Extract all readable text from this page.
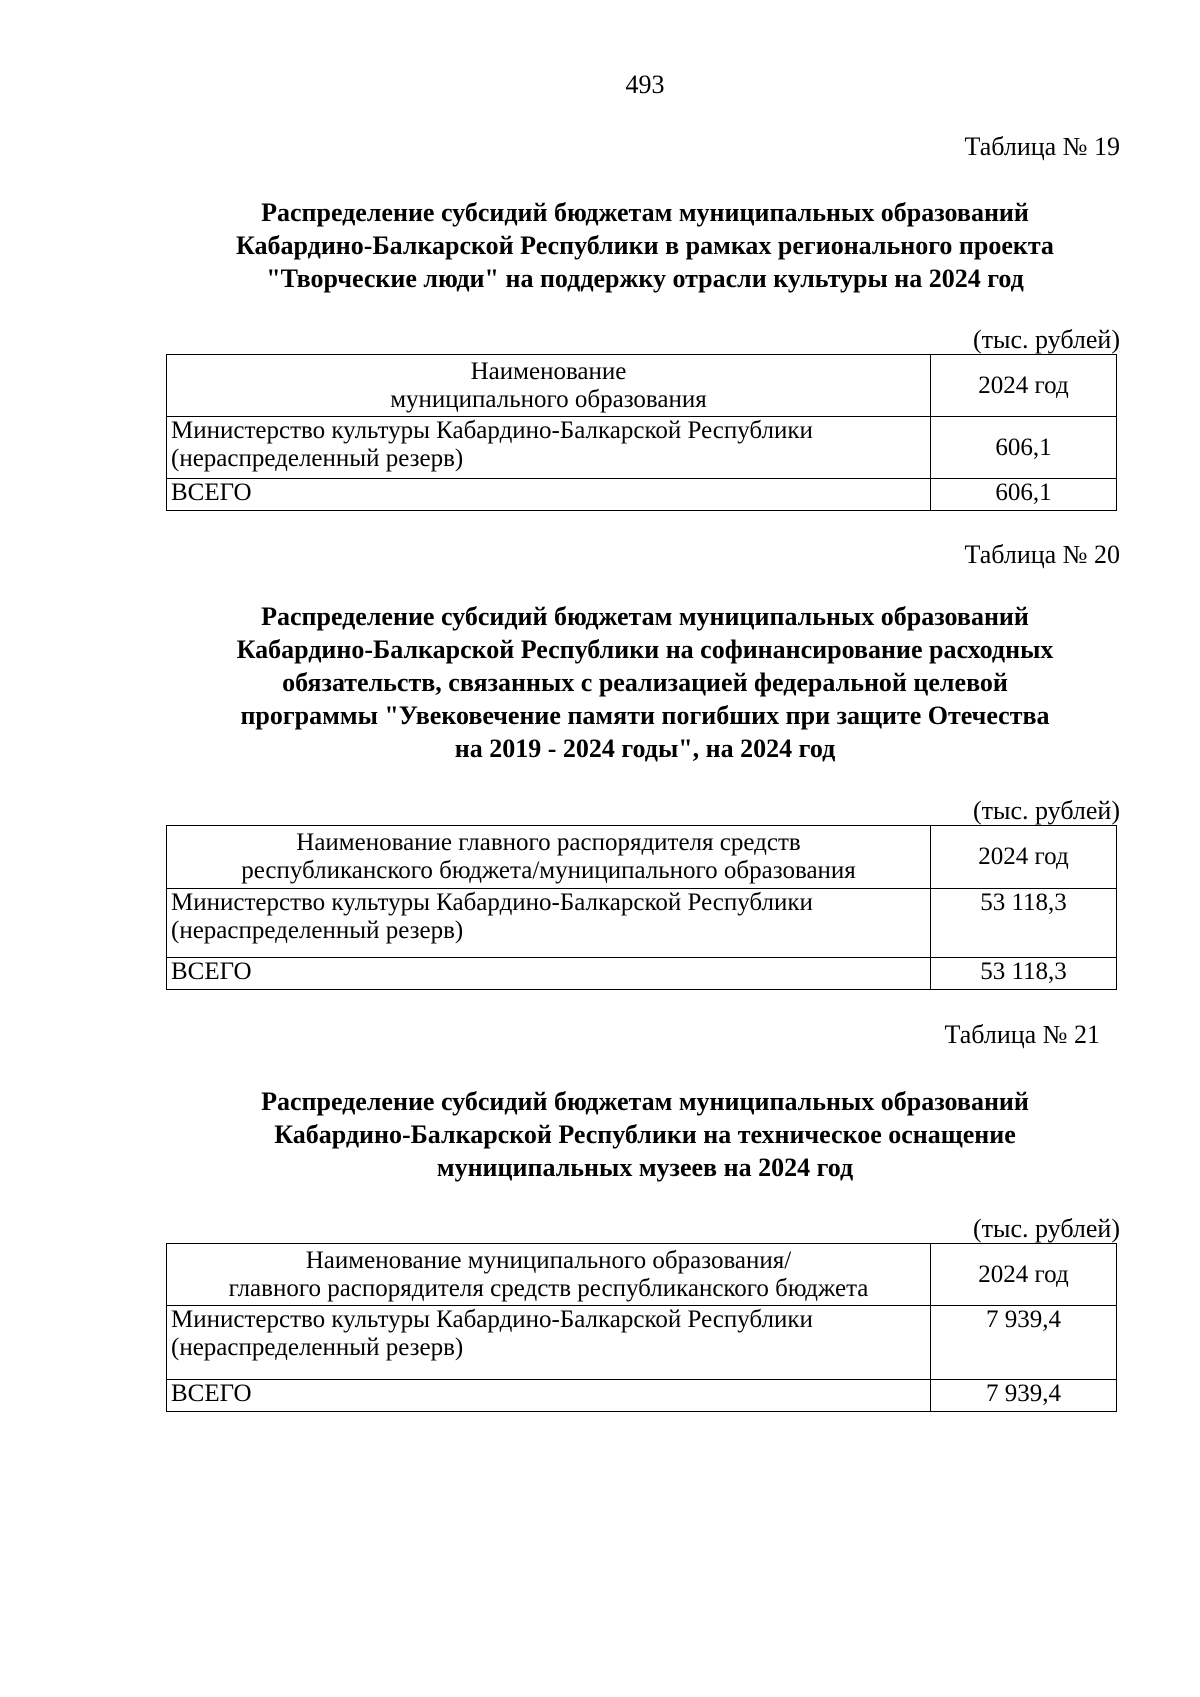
493
Таблица № 19
Распределение субсидий бюджетам муниципальных образований
Кабардино-Балкарской Республики в рамках регионального проекта
"Творческие люди" на поддержку отрасли культуры на 2024 год
(тыс. рублей)
Наименование
муниципального образования	2024 год

Министерство культуры Кабардино-Балкарской Республики
(нераспределенный резерв)	606,1
ВСЕГО	606,1
Таблица № 20
Распределение субсидий бюджетам муниципальных образований
Кабардино-Балкарской Республики на софинансирование расходных
обязательств, связанных с реализацией федеральной целевой
программы "Увековечение памяти погибших при защите Отечества
на 2019 - 2024 годы", на 2024 год
(тыс. рублей)
Наименование главного распорядителя средств
республиканского бюджета/муниципального образования	2024 год

Министерство культуры Кабардино-Балкарской Республики
(нераспределенный резерв)	53 118,3
ВСЕГО	53 118,3
Таблица № 21
Распределение субсидий бюджетам муниципальных образований
Кабардино-Балкарской Республики на техническое оснащение
муниципальных музеев на 2024 год
(тыс. рублей)
Наименование муниципального образования/
главного распорядителя средств республиканского бюджета	2024 год

Министерство культуры Кабардино-Балкарской Республики
(нераспределенный резерв)	7 939,4
ВСЕГО	7 939,4
